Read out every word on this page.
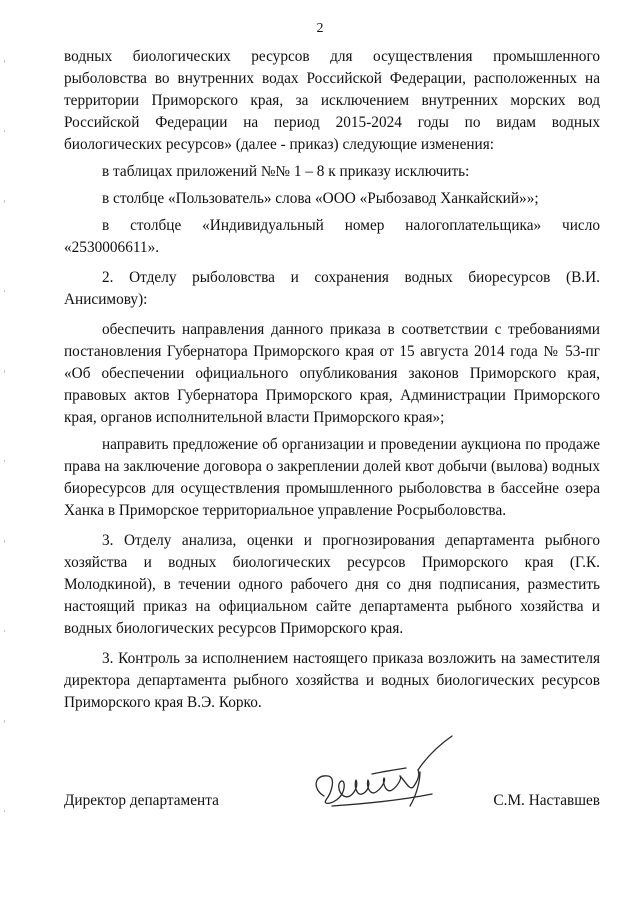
2

водных биологических ресурсов для осуществления промышленного рыболовства во внутренних водах Российской Федерации, расположенных на территории Приморского края, за исключением внутренних морских вод Российской Федерации на период 2015-2024 годы по видам водных биологических ресурсов» (далее - приказ) следующие изменения:

в таблицах приложений №№ 1 – 8 к приказу исключить:

в столбце «Пользователь» слова «ООО «Рыбозавод Ханкайский»»;

в столбце «Индивидуальный номер налогоплательщика» число «2530006611».

2. Отделу рыболовства и сохранения водных биоресурсов (В.И. Анисимову):

обеспечить направления данного приказа в соответствии с требованиями постановления Губернатора Приморского края от 15 августа 2014 года № 53-пг «Об обеспечении официального опубликования законов Приморского края, правовых актов Губернатора Приморского края, Администрации Приморского края, органов исполнительной власти Приморского края»;

направить предложение об организации и проведении аукциона по продаже права на заключение договора о закреплении долей квот добычи (вылова) водных биоресурсов для осуществления промышленного рыболовства в бассейне озера Ханка в Приморское территориальное управление Росрыболовства.

3. Отделу анализа, оценки и прогнозирования департамента рыбного хозяйства и водных биологических ресурсов Приморского края (Г.К. Молодкиной), в течении одного рабочего дня со дня подписания, разместить настоящий приказ на официальном сайте департамента рыбного хозяйства и водных биологических ресурсов Приморского края.

3. Контроль за исполнением настоящего приказа возложить на заместителя директора департамента рыбного хозяйства и водных биологических ресурсов Приморского края В.Э. Корко.

Директор департамента	С.М. Наставшев
